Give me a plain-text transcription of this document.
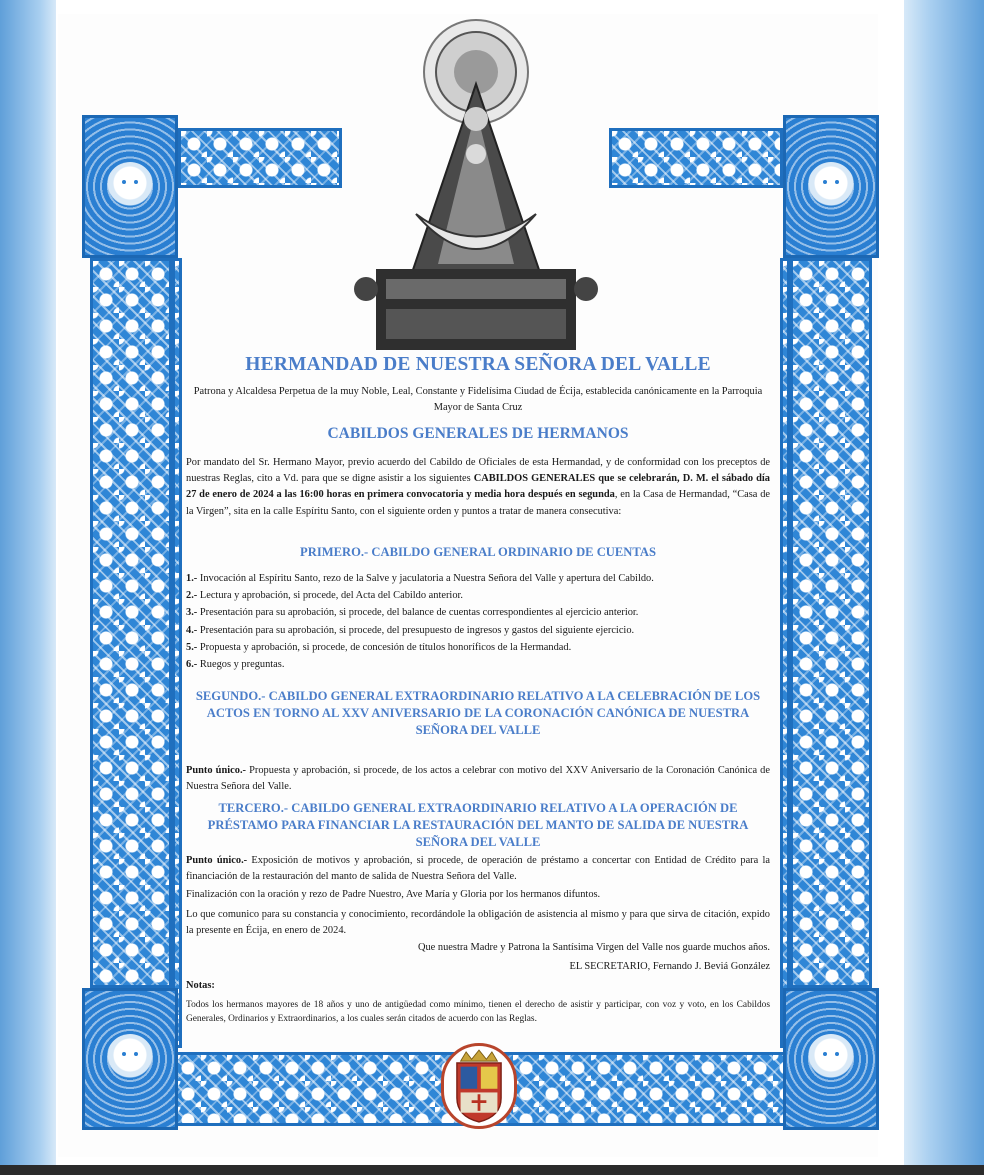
HERMANDAD DE NUESTRA SEÑORA DEL VALLE
Patrona y Alcaldesa Perpetua de la muy Noble, Leal, Constante y Fidelísima Ciudad de Écija, establecida canónicamente en la Parroquia Mayor de Santa Cruz
CABILDOS GENERALES DE HERMANOS
Por mandato del Sr. Hermano Mayor, previo acuerdo del Cabildo de Oficiales de esta Hermandad, y de conformidad con los preceptos de nuestras Reglas, cito a Vd. para que se digne asistir a los siguientes CABILDOS GENERALES que se celebrarán, D. M. el sábado día 27 de enero de 2024 a las 16:00 horas en primera convocatoria y media hora después en segunda, en la Casa de Hermandad, “Casa de la Virgen”, sita en la calle Espíritu Santo, con el siguiente orden y puntos a tratar de manera consecutiva:
PRIMERO.- CABILDO GENERAL ORDINARIO DE CUENTAS
1.- Invocación al Espíritu Santo, rezo de la Salve y jaculatoria a Nuestra Señora del Valle y apertura del Cabildo.
2.- Lectura y aprobación, si procede, del Acta del Cabildo anterior.
3.- Presentación para su aprobación, si procede, del balance de cuentas correspondientes al ejercicio anterior.
4.- Presentación para su aprobación, si procede, del presupuesto de ingresos y gastos del siguiente ejercicio.
5.- Propuesta y aprobación, si procede, de concesión de títulos honoríficos de la Hermandad.
6.- Ruegos y preguntas.
SEGUNDO.- CABILDO GENERAL EXTRAORDINARIO RELATIVO A LA CELEBRACIÓN DE LOS ACTOS EN TORNO AL XXV ANIVERSARIO DE LA CORONACIÓN CANÓNICA DE NUESTRA SEÑORA DEL VALLE
Punto único.- Propuesta y aprobación, si procede, de los actos a celebrar con motivo del XXV Aniversario de la Coronación Canónica de Nuestra Señora del Valle.
TERCERO.- CABILDO GENERAL EXTRAORDINARIO RELATIVO A LA OPERACIÓN DE PRÉSTAMO PARA FINANCIAR LA RESTAURACIÓN DEL MANTO DE SALIDA DE NUESTRA SEÑORA DEL VALLE
Punto único.- Exposición de motivos y aprobación, si procede, de operación de préstamo a concertar con Entidad de Crédito para la financiación de la restauración del manto de salida de Nuestra Señora del Valle.
Finalización con la oración y rezo de Padre Nuestro, Ave María y Gloria por los hermanos difuntos.
Lo que comunico para su constancia y conocimiento, recordándole la obligación de asistencia al mismo y para que sirva de citación, expido la presente en Écija, en enero de 2024.
Que nuestra Madre y Patrona la Santísima Virgen del Valle nos guarde muchos años.
EL SECRETARIO, Fernando J. Beviá González
Notas:
Todos los hermanos mayores de 18 años y uno de antigüedad como mínimo, tienen el derecho de asistir y participar, con voz y voto, en los Cabildos Generales, Ordinarios y Extraordinarios, a los cuales serán citados de acuerdo con las Reglas.
